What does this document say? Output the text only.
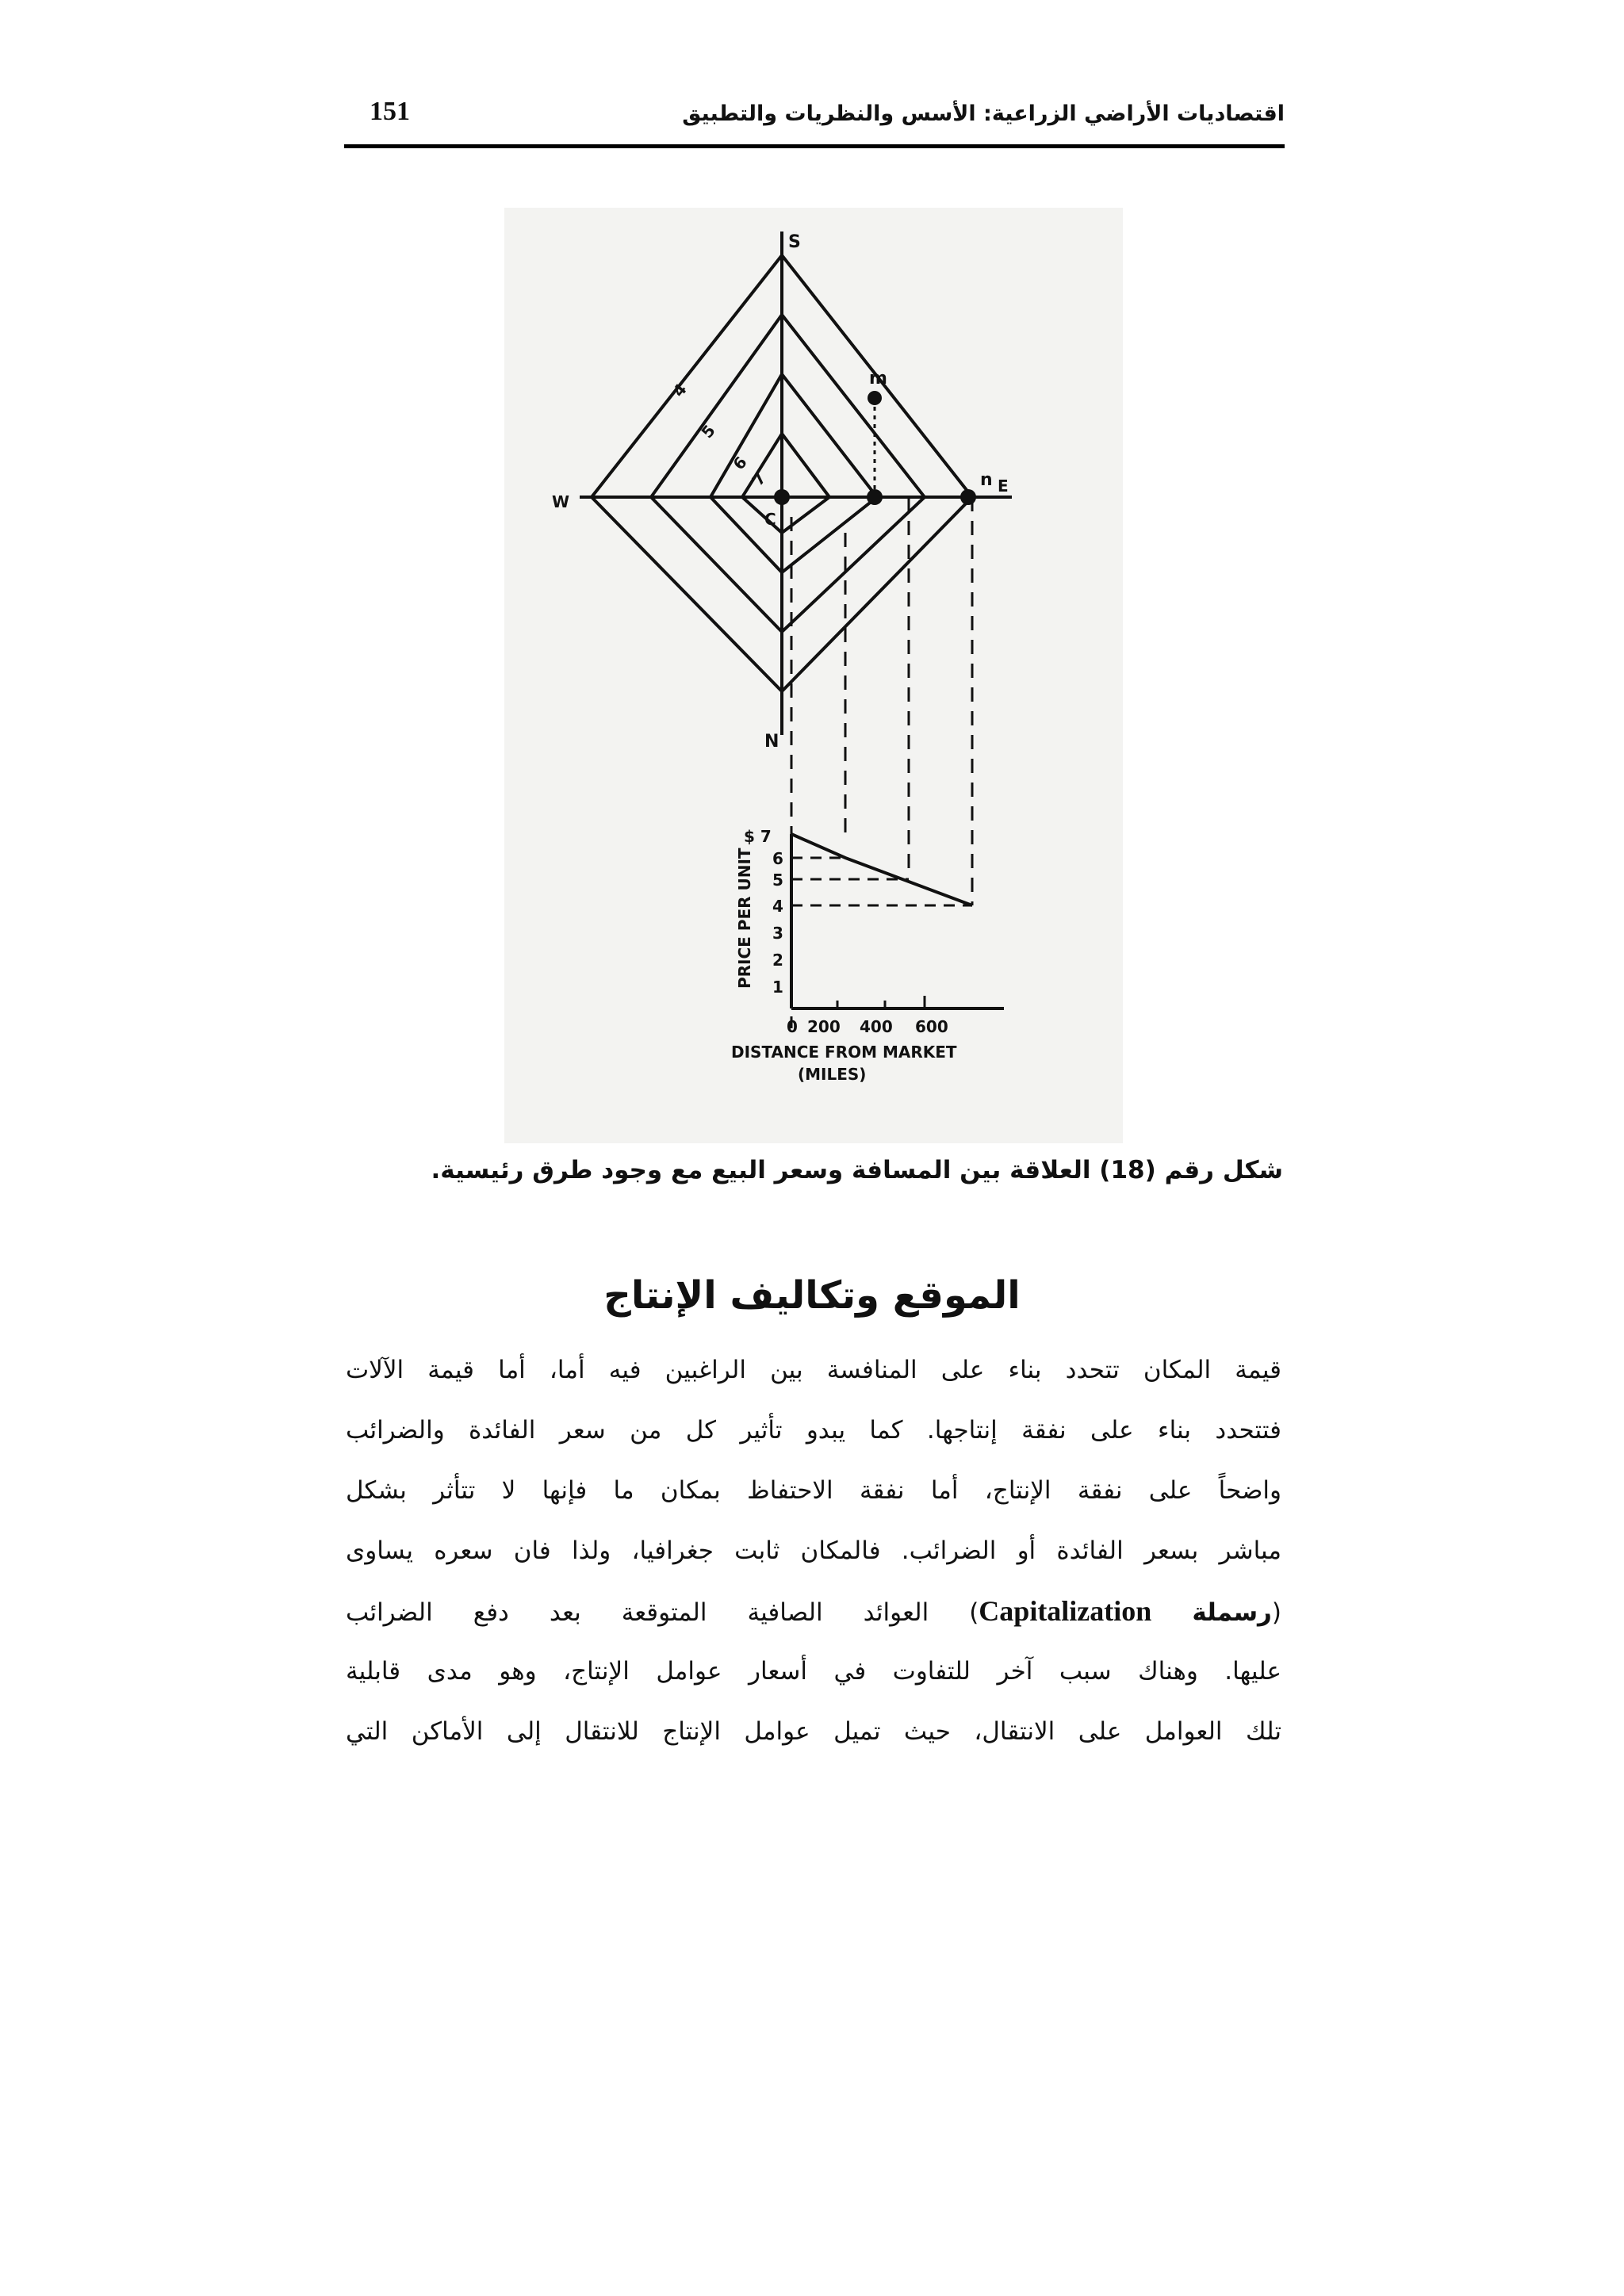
اقتصاديات الأراضي الزراعية: الأسس والنظريات والتطبيق
151
S
W
E
N
C
m
n
4
5
6
7
$ 7
6
5
4
3
2
1
PRICE PER UNIT
0 200 400 600
DISTANCE FROM MARKET
(MILES)
شكل رقم (18) العلاقة بين المسافة وسعر البيع مع وجود طرق رئيسية.
الموقع وتكاليف الإنتاج
قيمة المكان تتحدد بناء على المنافسة بين الراغبين فيه أما، أما قيمة الآلات
فتتحدد بناء على نفقة إنتاجها. كما يبدو تأثير كل من سعر الفائدة والضرائب
واضحاً على نفقة الإنتاج، أما نفقة الاحتفاظ بمكان ما فإنها لا تتأثر بشكل
مباشر بسعر الفائدة أو الضرائب. فالمكان ثابت جغرافيا، ولذا فان سعره يساوى
(رسملة Capitalization) العوائد الصافية المتوقعة بعد دفع الضرائب
عليها. وهناك سبب آخر للتفاوت في أسعار عوامل الإنتاج، وهو مدى قابلية
تلك العوامل على الانتقال، حيث تميل عوامل الإنتاج للانتقال إلى الأماكن التي
